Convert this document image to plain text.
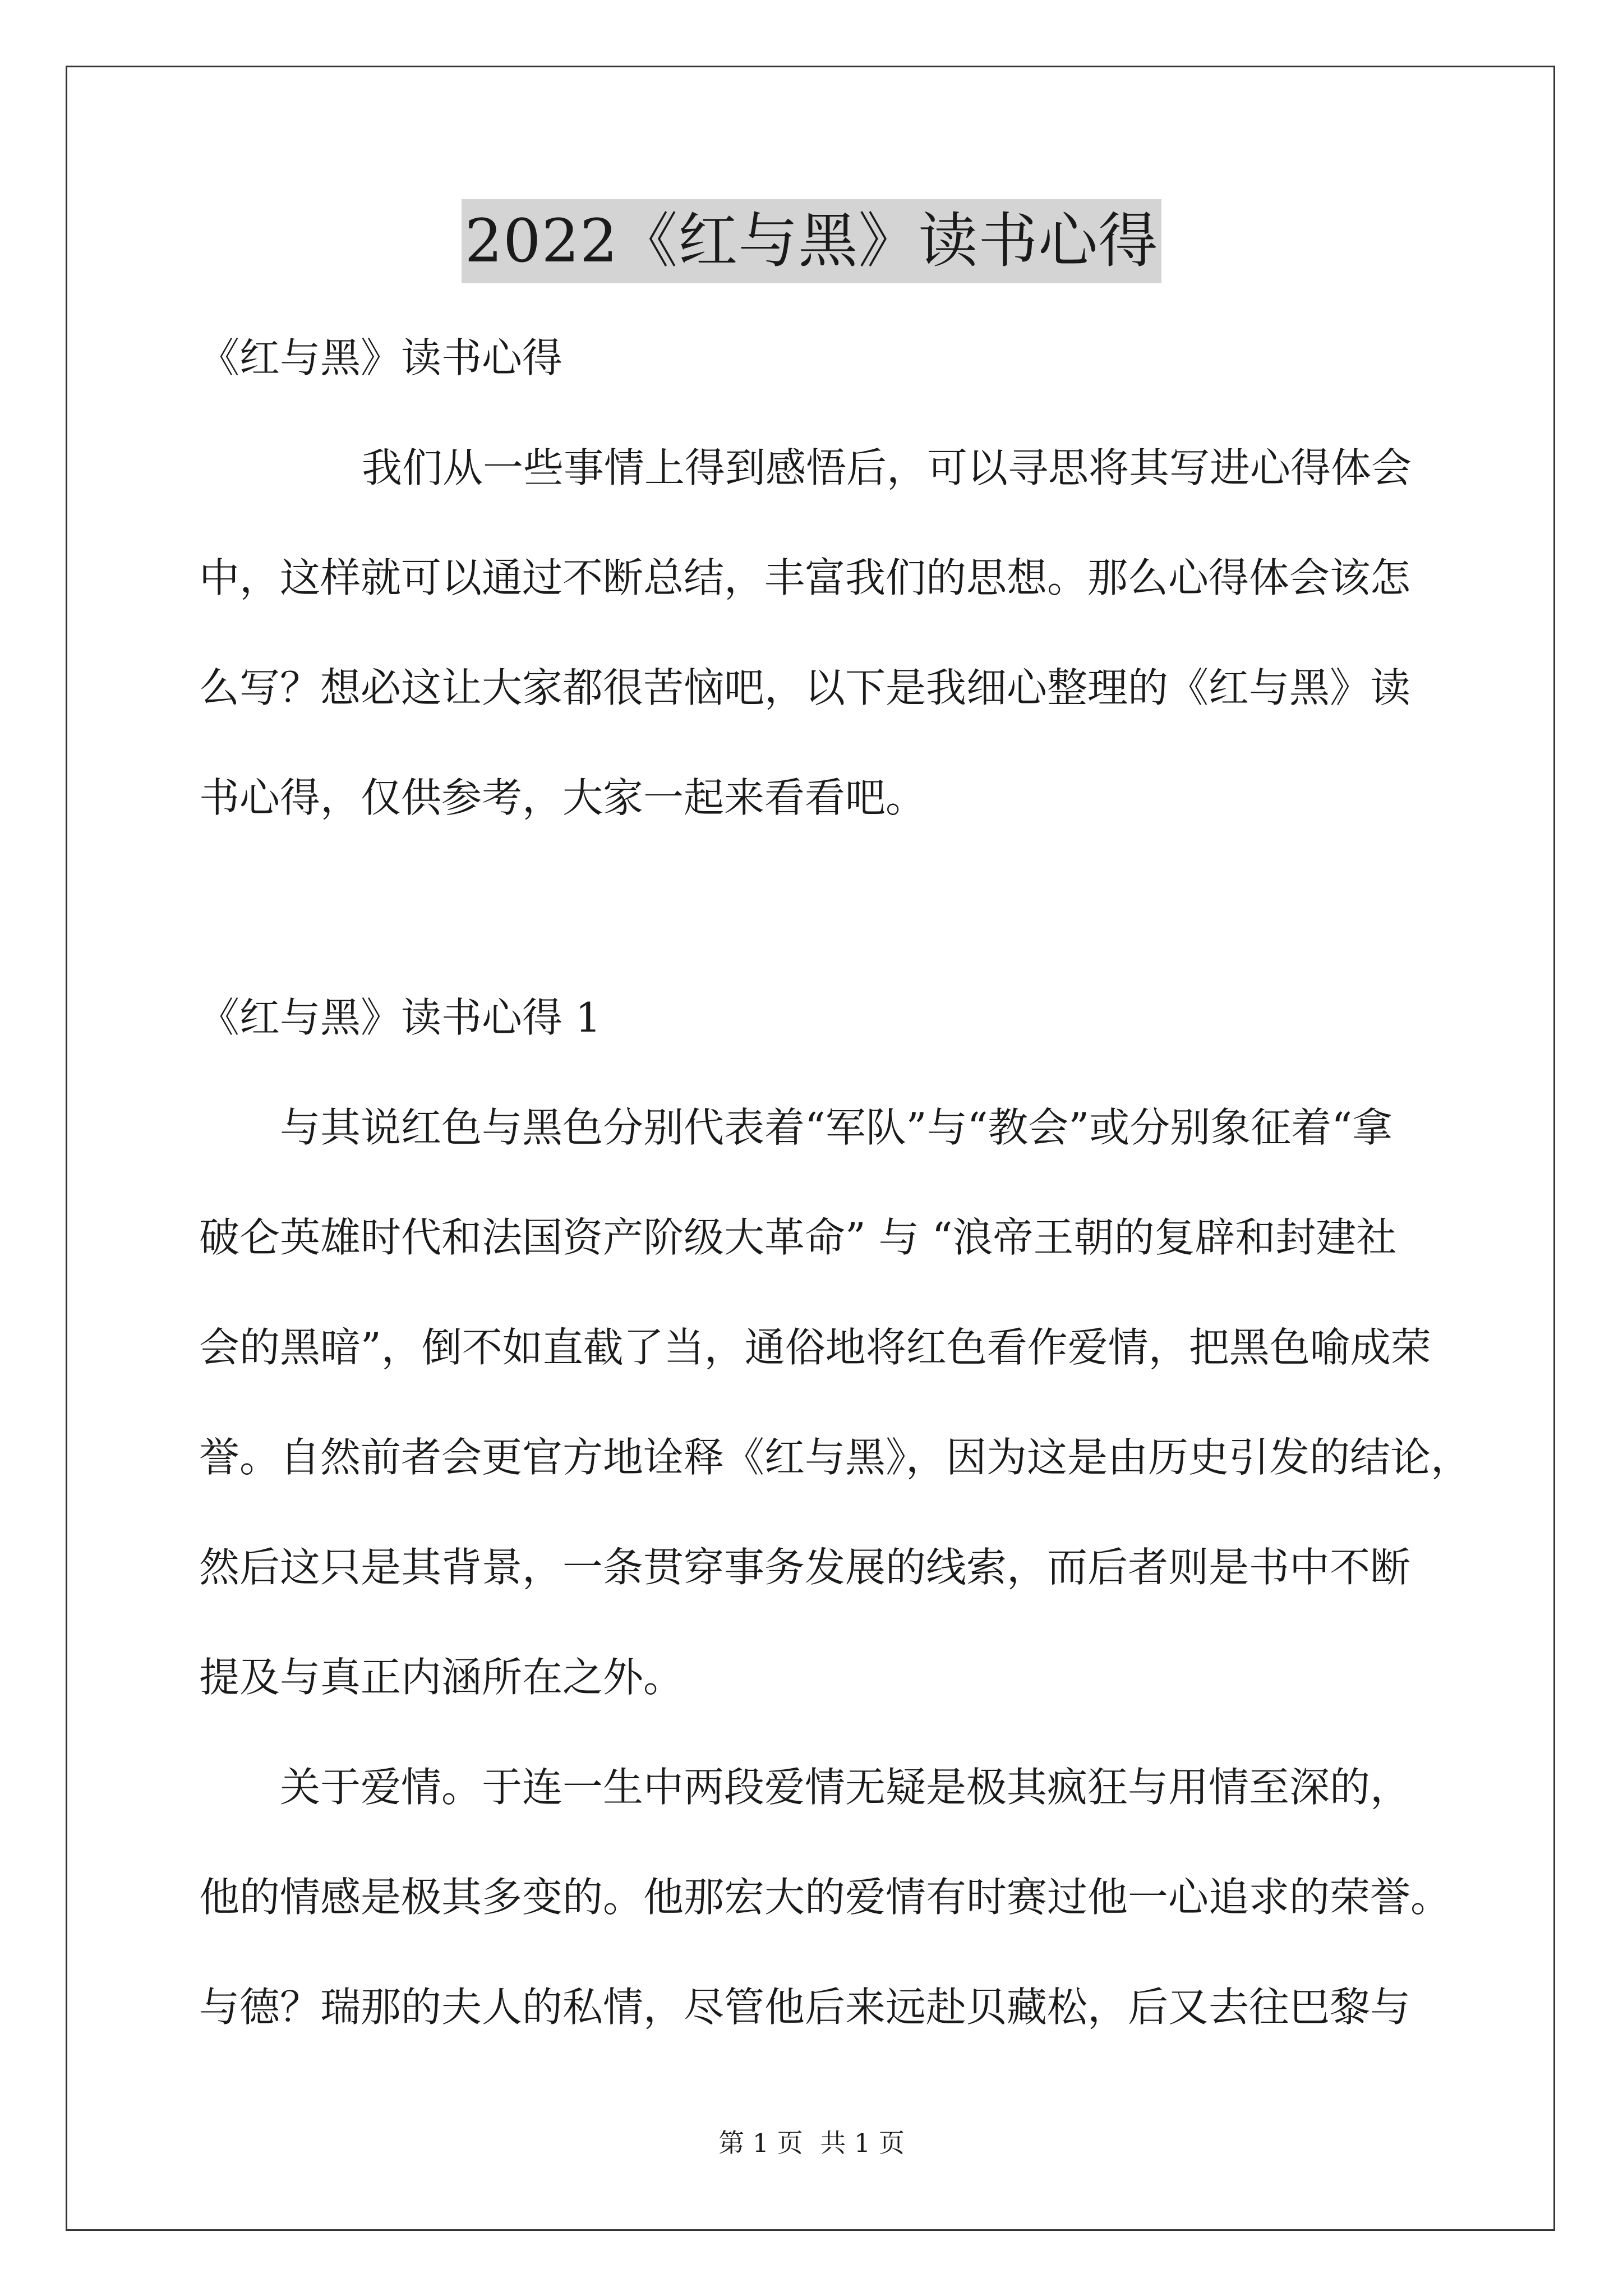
2022《红与黑》读书心得
《红与黑》读书心得
我们从一些事情上得到感悟后，可以寻思将其写进心得体会
中，这样就可以通过不断总结，丰富我们的思想。那么心得体会该怎
么写？想必这让大家都很苦恼吧，以下是我细心整理的《红与黑》读
书心得，仅供参考，大家一起来看看吧。
《红与黑》读书心得 1
与其说红色与黑色分别代表着“军队”与“教会”或分别象征着“拿
破仑英雄时代和法国资产阶级大革命” 与 “浪帝王朝的复辟和封建社
会的黑暗”，倒不如直截了当，通俗地将红色看作爱情，把黑色喻成荣
誉。自然前者会更官方地诠释《红与黑》，因为这是由历史引发的结论，
然后这只是其背景，一条贯穿事务发展的线索，而后者则是书中不断
提及与真正内涵所在之外。
关于爱情。于连一生中两段爱情无疑是极其疯狂与用情至深的，
他的情感是极其多变的。他那宏大的爱情有时赛过他一心追求的荣誉。
与德？瑞那的夫人的私情，尽管他后来远赴贝藏松，后又去往巴黎与
第 1 页 共 1 页
